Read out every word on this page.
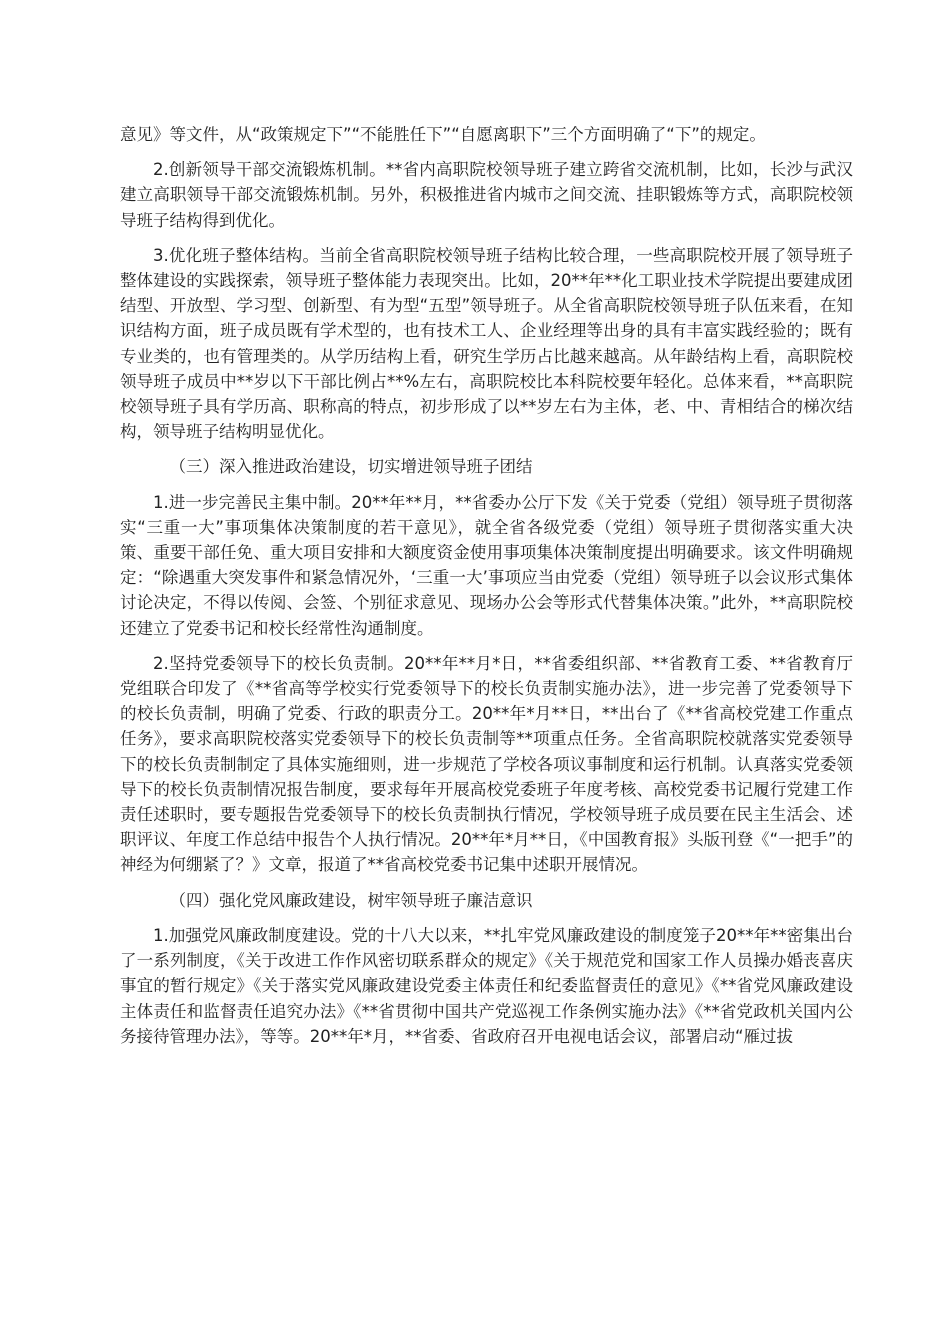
意见》等文件，从“政策规定下”“不能胜任下”“自愿离职下”三个方面明确了“下”的规定。

2.创新领导干部交流锻炼机制。**省内高职院校领导班子建立跨省交流机制，比如，长沙与武汉建立高职领导干部交流锻炼机制。另外，积极推进省内城市之间交流、挂职锻炼等方式，高职院校领导班子结构得到优化。

3.优化班子整体结构。当前全省高职院校领导班子结构比较合理，一些高职院校开展了领导班子整体建设的实践探索，领导班子整体能力表现突出。比如，20**年**化工职业技术学院提出要建成团结型、开放型、学习型、创新型、有为型“五型”领导班子。从全省高职院校领导班子队伍来看，在知识结构方面，班子成员既有学术型的，也有技术工人、企业经理等出身的具有丰富实践经验的；既有专业类的，也有管理类的。从学历结构上看，研究生学历占比越来越高。从年龄结构上看，高职院校领导班子成员中**岁以下干部比例占**%左右，高职院校比本科院校要年轻化。总体来看，**高职院校领导班子具有学历高、职称高的特点，初步形成了以**岁左右为主体，老、中、青相结合的梯次结构，领导班子结构明显优化。

（三）深入推进政治建设，切实增进领导班子团结

1.进一步完善民主集中制。20**年**月，**省委办公厅下发《关于党委（党组）领导班子贯彻落实“三重一大”事项集体决策制度的若干意见》，就全省各级党委（党组）领导班子贯彻落实重大决策、重要干部任免、重大项目安排和大额度资金使用事项集体决策制度提出明确要求。该文件明确规定：“除遇重大突发事件和紧急情况外，‘三重一大’事项应当由党委（党组）领导班子以会议形式集体讨论决定，不得以传阅、会签、个别征求意见、现场办公会等形式代替集体决策。”此外，**高职院校还建立了党委书记和校长经常性沟通制度。

2.坚持党委领导下的校长负责制。20**年**月*日，**省委组织部、**省教育工委、**省教育厅党组联合印发了《**省高等学校实行党委领导下的校长负责制实施办法》，进一步完善了党委领导下的校长负责制，明确了党委、行政的职责分工。20**年*月**日，**出台了《**省高校党建工作重点任务》，要求高职院校落实党委领导下的校长负责制等**项重点任务。全省高职院校就落实党委领导下的校长负责制制定了具体实施细则，进一步规范了学校各项议事制度和运行机制。认真落实党委领导下的校长负责制情况报告制度，要求每年开展高校党委班子年度考核、高校党委书记履行党建工作责任述职时，要专题报告党委领导下的校长负责制执行情况，学校领导班子成员要在民主生活会、述职评议、年度工作总结中报告个人执行情况。20**年*月**日，《中国教育报》头版刊登《“一把手”的神经为何绷紧了？》文章，报道了**省高校党委书记集中述职开展情况。

（四）强化党风廉政建设，树牢领导班子廉洁意识

1.加强党风廉政制度建设。党的十八大以来，**扎牢党风廉政建设的制度笼子20**年**密集出台了一系列制度，《关于改进工作作风密切联系群众的规定》《关于规范党和国家工作人员操办婚丧喜庆事宜的暂行规定》《关于落实党风廉政建设党委主体责任和纪委监督责任的意见》《**省党风廉政建设主体责任和监督责任追究办法》《**省贯彻中国共产党巡视工作条例实施办法》《**省党政机关国内公务接待管理办法》，等等。20**年*月，**省委、省政府召开电视电话会议，部署启动“雁过拔
